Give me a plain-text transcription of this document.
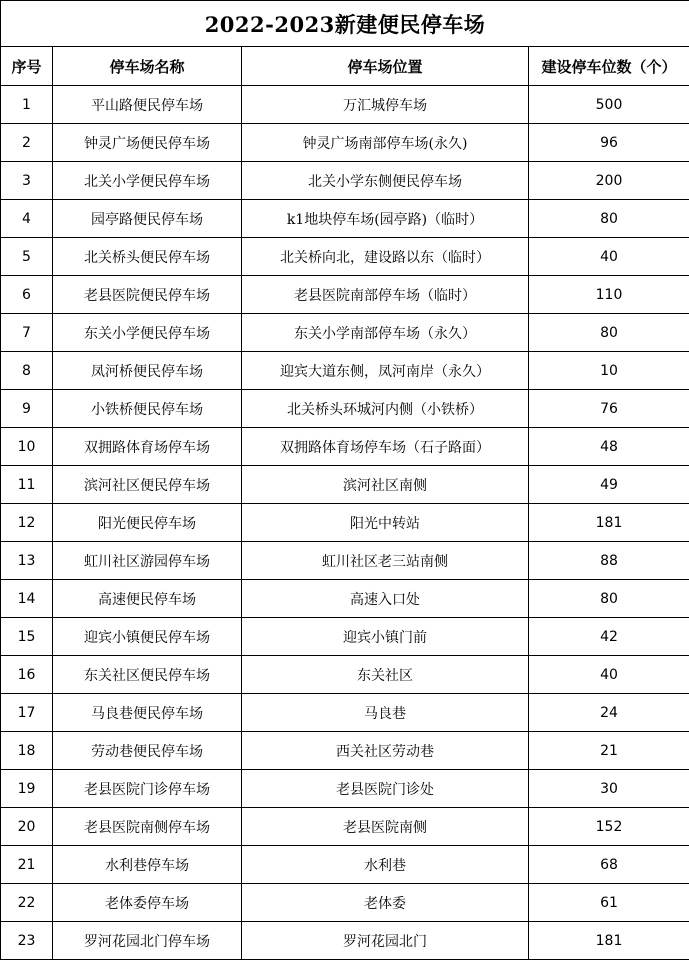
2022-2023新建便民停车场			
序号	停车场名称	停车场位置	建设停车位数（个）
1	平山路便民停车场	万汇城停车场	500
2	钟灵广场便民停车场	钟灵广场南部停车场(永久)	96
3	北关小学便民停车场	北关小学东侧便民停车场	200
4	园亭路便民停车场	k1地块停车场(园亭路)（临时）	80
5	北关桥头便民停车场	北关桥向北，建设路以东（临时）	40
6	老县医院便民停车场	老县医院南部停车场（临时）	110
7	东关小学便民停车场	东关小学南部停车场（永久）	80
8	凤河桥便民停车场	迎宾大道东侧，凤河南岸（永久）	10
9	小铁桥便民停车场	北关桥头环城河内侧（小铁桥）	76
10	双拥路体育场停车场	双拥路体育场停车场（石子路面）	48
11	滨河社区便民停车场	滨河社区南侧	49
12	阳光便民停车场	阳光中转站	181
13	虹川社区游园停车场	虹川社区老三站南侧	88
14	高速便民停车场	高速入口处	80
15	迎宾小镇便民停车场	迎宾小镇门前	42
16	东关社区便民停车场	东关社区	40
17	马良巷便民停车场	马良巷	24
18	劳动巷便民停车场	西关社区劳动巷	21
19	老县医院门诊停车场	老县医院门诊处	30
20	老县医院南侧停车场	老县医院南侧	152
21	水利巷停车场	水利巷	68
22	老体委停车场	老体委	61
23	罗河花园北门停车场	罗河花园北门	181
